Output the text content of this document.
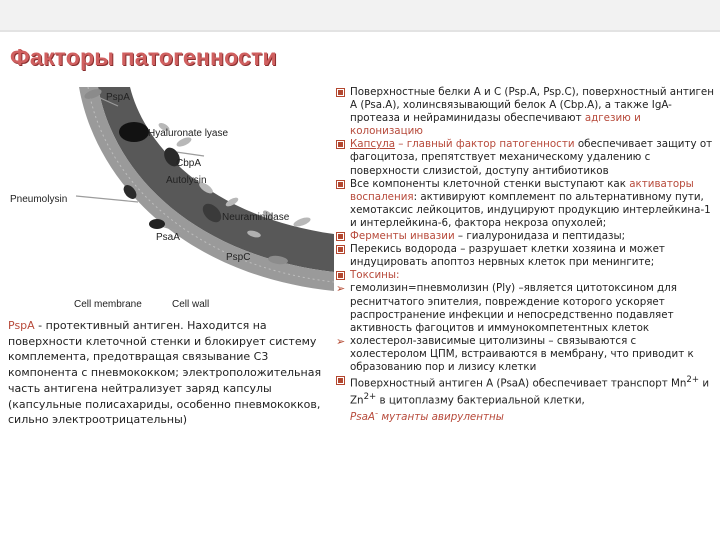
Факторы патогенности
PspA
Hyaluronate lyase
CbpA
Autolysin
Pneumolysin
Neuraminidase
PsaA
PspC
Cell membrane	Cell wall
PspA - протективный антиген. Находится на поверхности клеточной стенки и блокирует систему комплемента, предотвращая связывание С3 компонента с пневмококком; электроположительная часть антигена нейтрализует заряд капсулы (капсульные полисахариды, особенно пневмококков, сильно электроотрицательны)
Поверхностные белки А и С (Psp.A, Psp.C), поверхностный антиген А (Psa.A), холинсвязывающий белок А (Cbp.A), а также IgA-протеаза и нейраминидазы обеспечивают адгезию и колонизацию
Капсула – главный фактор патогенности обеспечивает защиту от фагоцитоза, препятствует механическому удалению с поверхности слизистой, доступу антибиотиков
Все компоненты клеточной стенки выступают как активаторы воспаления: активируют комплемент по альтернативному пути, хемотаксис лейкоцитов, индуцируют продукцию интерлейкина-1 и интерлейкина-6, фактора некроза опухолей;
Ферменты инвазии – гиалуронидаза и пептидазы;
Перекись водорода – разрушает клетки хозяина и может индуцировать апоптоз нервных клеток при менингите;
Токсины:
➢ гемолизин=пневмолизин (Ply) –является цитотоксином для реснитчатого эпителия, повреждение которого ускоряет распространение инфекции и непосредственно подавляет активность фагоцитов и иммунокомпетентных клеток
➢ холестерол-зависимые цитолизины – связываются с холестеролом ЦПМ, встраиваются в мембрану, что приводит к образованию пор и лизису клетки
Поверхностный антиген А (PsaA) обеспечивает транспорт $Mn^{2+}$ и $Zn^{2+}$ в цитоплазму бактериальной клетки,
PsaA- мутанты авирулентны
